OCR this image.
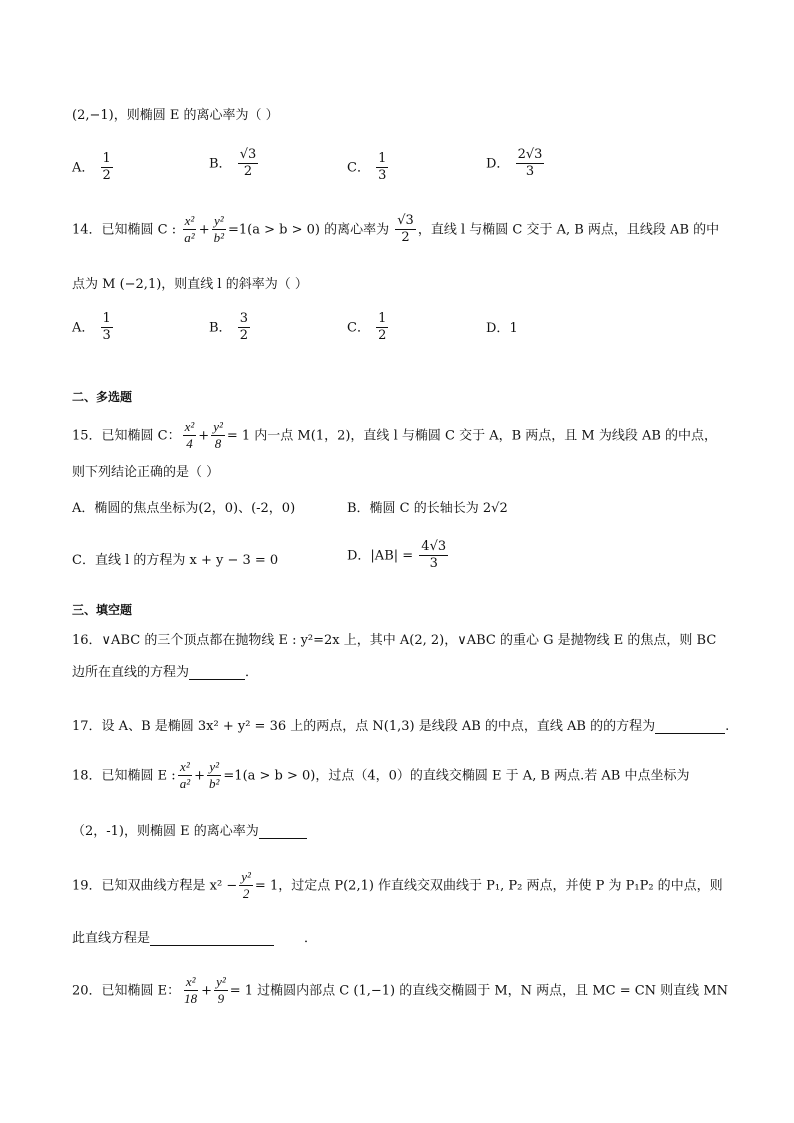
(2,−1)，则椭圆 E 的离心率为（ ）
A． $\frac{1}{2}$	B． $\frac{√3}{2}$	C． $\frac{1}{3}$	D． $\frac{2√3}{3}$
14．已知椭圆 C : $\frac{\text{x²}}{\text{a²}} + \frac{\text{y²}}{\text{b²}} =1(a > b > 0)$ 的离心率为 $\frac{√3}{2}$ ，直线 l 与椭圆 C 交于 A, B 两点，且线段 AB 的中
点为 M (−2,1)，则直线 l 的斜率为（ ）
A． $\frac{1}{3}$	B． $\frac{3}{2}$	C． $\frac{1}{2}$	D．1
二、多选题
15．已知椭圆 C： $\frac{\text{x²}}{4} + \frac{\text{y²}}{8} = 1$ 内一点 M(1，2)，直线 l 与椭圆 C 交于 A，B 两点，且 M 为线段 AB 的中点，
则下列结论正确的是（ ）
A．椭圆的焦点坐标为(2，0)、(-2，0)	B．椭圆 C 的长轴长为 2√2
C．直线 l 的方程为 x + y − 3 = 0	D．$|AB| = \frac{4√3}{3}$
三、填空题
16．∨ABC 的三个顶点都在抛物线 E : y²=2x 上，其中 A(2, 2)，∨ABC 的重心 G 是抛物线 E 的焦点，则 BC
边所在直线的方程为	．
17．设 A、B 是椭圆 3x² + y² = 36 上的两点，点 N(1,3) 是线段 AB 的中点，直线 AB 的的方程为	.
18．已知椭圆 E : $\frac{\text{x²}}{\text{a²}} + \frac{\text{y²}}{\text{b²}} =1(a > b > 0)$，过点（4，0）的直线交椭圆 E 于 A, B 两点.若 AB 中点坐标为
（2，-1)，则椭圆 E 的离心率为
19．已知双曲线方程是 $x^2 - \frac{\text{y²}}{2} = 1$，过定点 P(2,1) 作直线交双曲线于 P₁, P₂ 两点，并使 P 为 P₁P₂ 的中点，则
此直线方程是	．
20．已知椭圆 E： $\frac{\text{x²}}{18} + \frac{\text{y²}}{9} = 1$ 过椭圆内部点 C (1,−1) 的直线交椭圆于 M，N 两点，且 MC = CN 则直线 MN
